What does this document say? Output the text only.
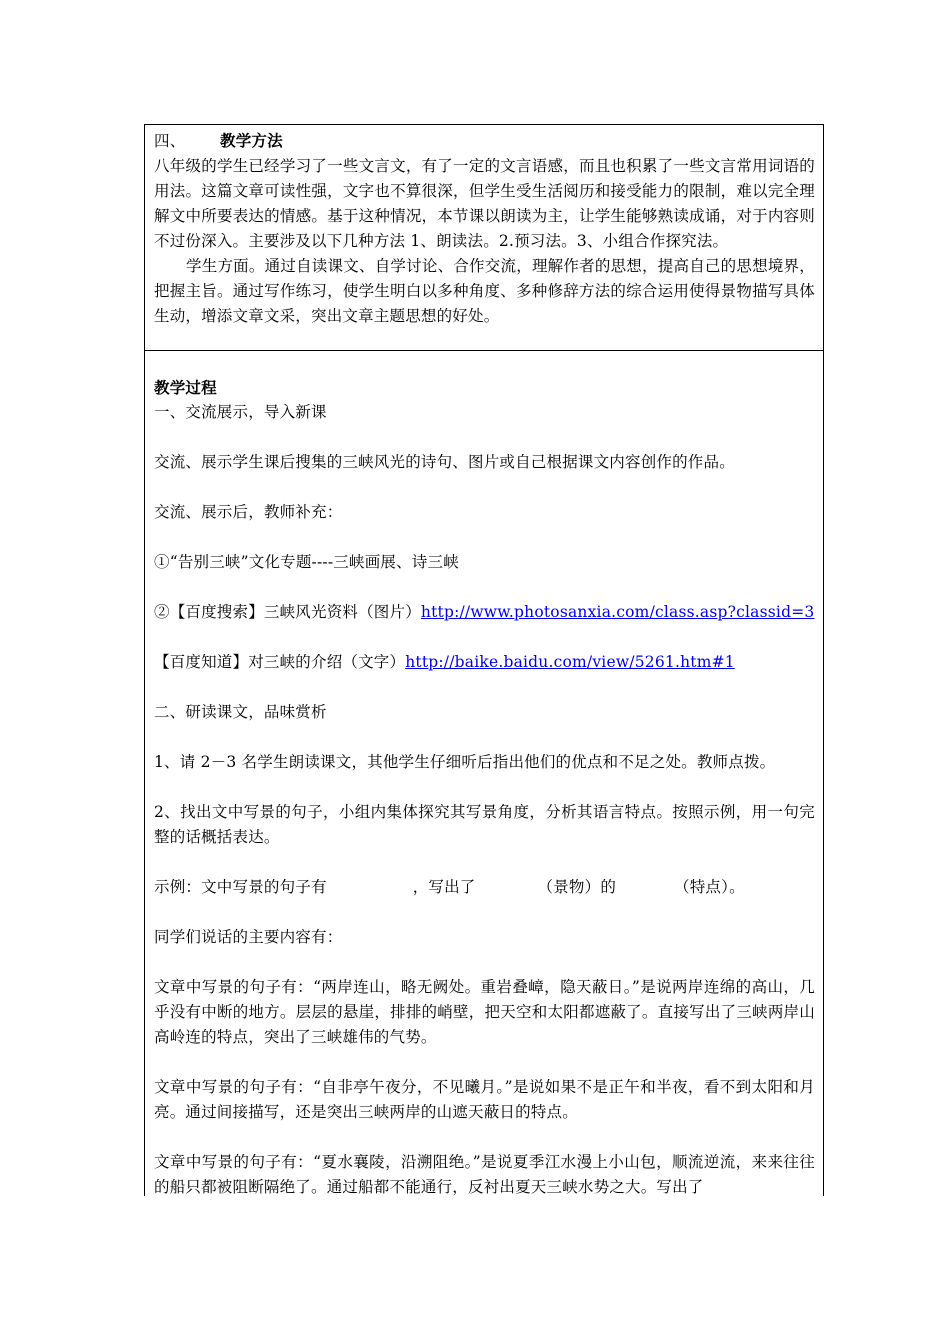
四、 教学方法

八年级的学生已经学习了一些文言文，有了一定的文言语感，而且也积累了一些文言常用词语的用法。这篇文章可读性强，文字也不算很深，但学生受生活阅历和接受能力的限制，难以完全理解文中所要表达的情感。基于这种情况，本节课以朗读为主，让学生能够熟读成诵，对于内容则不过份深入。主要涉及以下几种方法 1、朗读法。2.预习法。3、小组合作探究法。

学生方面。通过自读课文、自学讨论、合作交流，理解作者的思想，提高自己的思想境界，把握主旨。通过写作练习，使学生明白以多种角度、多种修辞方法的综合运用使得景物描写具体生动，增添文章文采，突出文章主题思想的好处。

教学过程

一、交流展示，导入新课

交流、展示学生课后搜集的三峡风光的诗句、图片或自己根据课文内容创作的作品。

交流、展示后，教师补充：

①“告别三峡”文化专题----三峡画展、诗三峡

②【百度搜索】三峡风光资料（图片）http://www.photosanxia.com/class.asp?classid=3

【百度知道】对三峡的介绍（文字）http://baike.baidu.com/view/5261.htm#1

二、研读课文，品味赏析

1、请 2－3 名学生朗读课文，其他学生仔细听后指出他们的优点和不足之处。教师点拨。

2、找出文中写景的句子，小组内集体探究其写景角度，分析其语言特点。按照示例，用一句完整的话概括表达。

示例：文中写景的句子有	，写出了	（景物）的	（特点）。

同学们说话的主要内容有：

文章中写景的句子有：“两岸连山，略无阙处。重岩叠嶂，隐天蔽日。”是说两岸连绵的高山，几乎没有中断的地方。层层的悬崖，排排的峭壁，把天空和太阳都遮蔽了。直接写出了三峡两岸山高岭连的特点，突出了三峡雄伟的气势。

文章中写景的句子有：“自非亭午夜分，不见曦月。”是说如果不是正午和半夜，看不到太阳和月亮。通过间接描写，还是突出三峡两岸的山遮天蔽日的特点。

文章中写景的句子有：“夏水襄陵，沿溯阻绝。”是说夏季江水漫上小山包，顺流逆流，来来往往的船只都被阻断隔绝了。通过船都不能通行，反衬出夏天三峡水势之大。写出了
